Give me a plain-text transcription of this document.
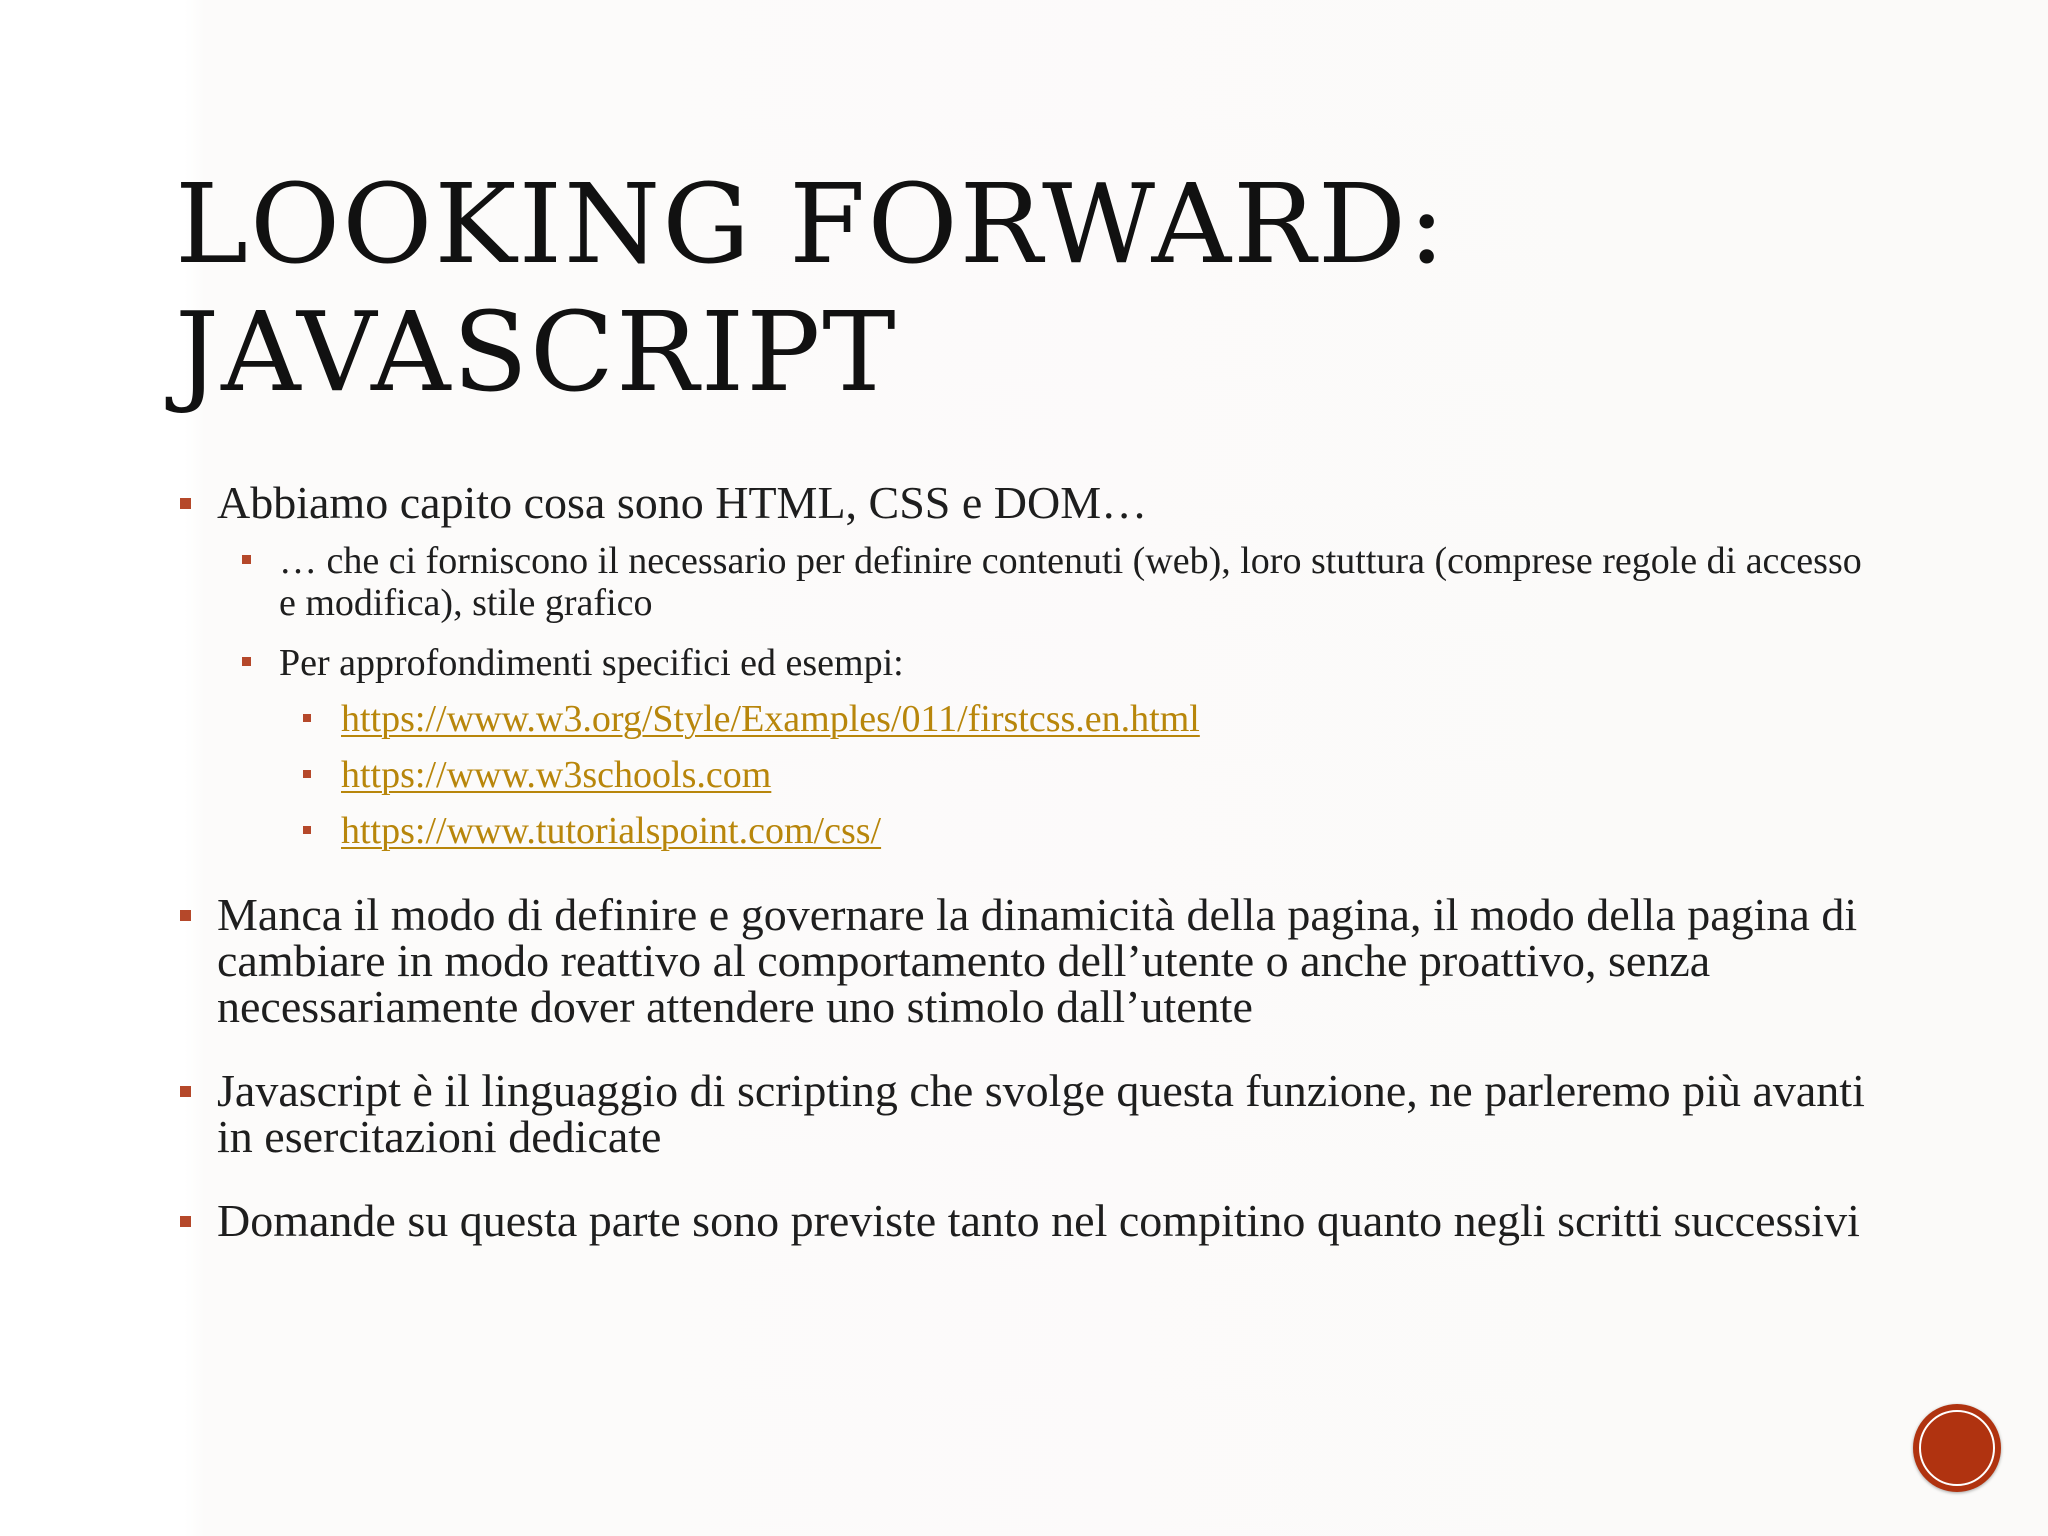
LOOKING FORWARD:
JAVASCRIPT
Abbiamo capito cosa sono HTML, CSS e DOM…
… che ci forniscono il necessario per definire contenuti (web), loro stuttura (comprese regole di accesso e modifica), stile grafico
Per approfondimenti specifici ed esempi:
https://www.w3.org/Style/Examples/011/firstcss.en.html
https://www.w3schools.com
https://www.tutorialspoint.com/css/
Manca il modo di definire e governare la dinamicità della pagina, il modo della pagina di cambiare in modo reattivo al comportamento dell’utente o anche proattivo, senza necessariamente dover attendere uno stimolo dall’utente
Javascript è il linguaggio di scripting che svolge questa funzione, ne parleremo più avanti in esercitazioni dedicate
Domande su questa parte sono previste tanto nel compitino quanto negli scritti successivi
